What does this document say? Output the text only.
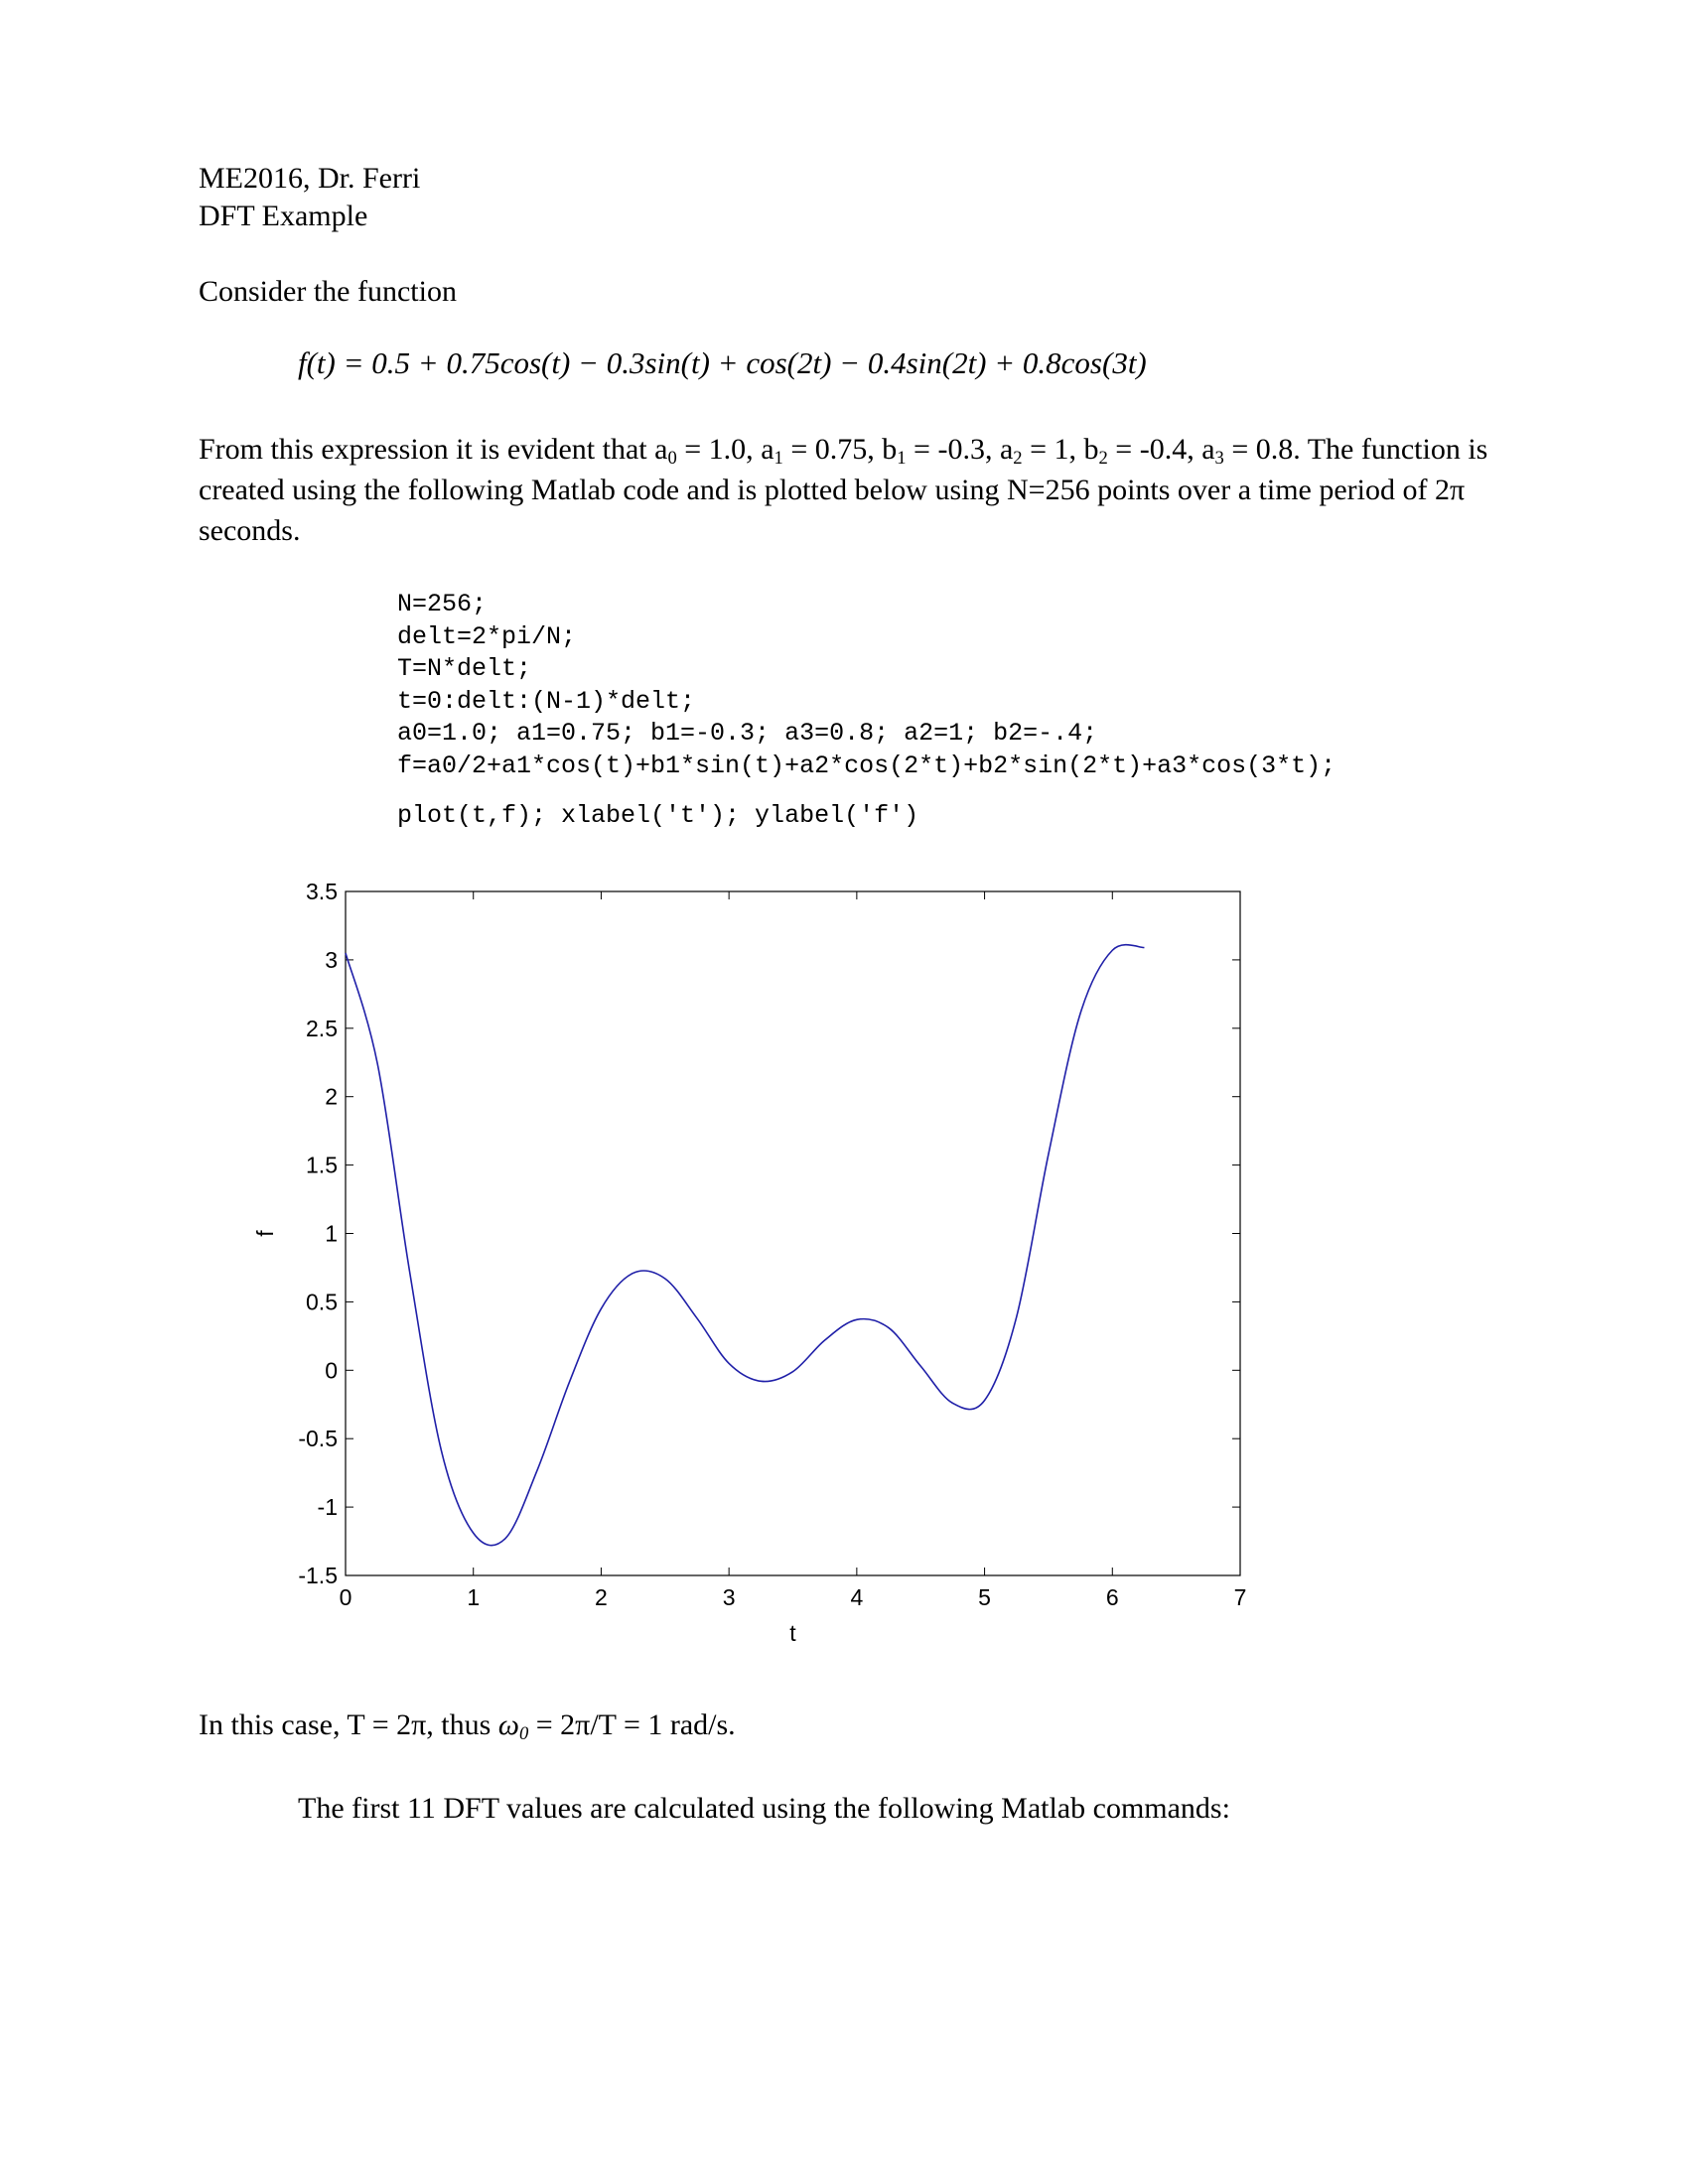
ME2016, Dr. Ferri

DFT Example

Consider the function

f(t) = 0.5 + 0.75cos(t) − 0.3sin(t) + cos(2t) − 0.4sin(2t) + 0.8cos(3t)

From this expression it is evident that $a_0 = 1.0$, $a_1 = 0.75$, $b_1 = -0.3$, $a_2 = 1$, $b_2 = -0.4$, $a_3 = 0.8$. The function is created using the following Matlab code and is plotted below using N=256 points over a time period of 2π seconds.

N=256;
delt=2*pi/N;
T=N*delt;
t=0:delt:(N-1)*delt;
a0=1.0; a1=0.75; b1=-0.3; a3=0.8; a2=1; b2=-.4;
f=a0/2+a1*cos(t)+b1*sin(t)+a2*cos(2*t)+b2*sin(2*t)+a3*cos(3*t);
plot(t,f); xlabel('t'); ylabel('f')
0	1	2	3	4	5	6	7
3.5
3
2.5
2
1.5
1
0.5
0
-0.5
-1
-1.5
t
f

In this case, T = 2π, thus $\omega_0 = 2\pi/T = 1$ rad/s.

The first 11 DFT values are calculated using the following Matlab commands:
